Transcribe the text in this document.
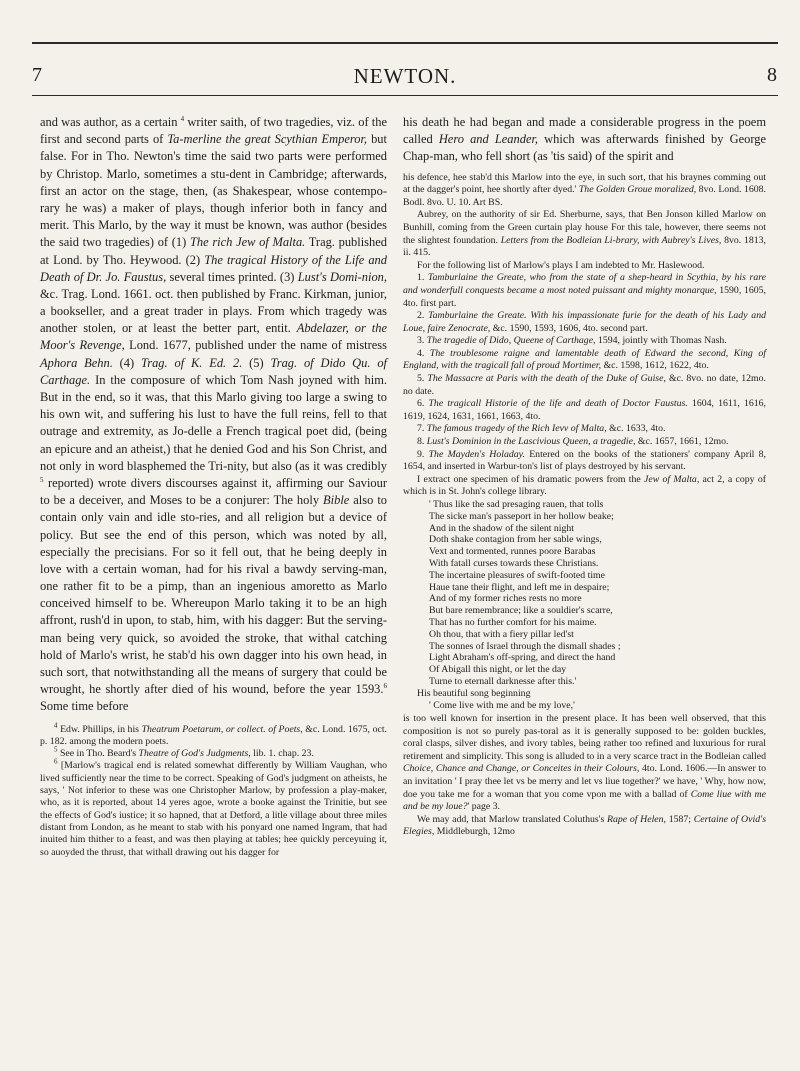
7	NEWTON.	8

and was author, as a certain $^4$ writer saith, of two tragedies, viz. of the first and second parts of Ta-merline the great Scythian Emperor, but false. For in Tho. Newton's time the said two parts were performed by Christop. Marlo, sometimes a stu-dent in Cambridge; afterwards, first an actor on the stage, then, (as Shakespear, whose contempo-rary he was) a maker of plays, though inferior both in fancy and merit. This Marlo, by the way it must be known, was author (besides the said two tragedies) of (1) The rich Jew of Malta. Trag. published at Lond. by Tho. Heywood. (2) The tragical History of the Life and Death of Dr. Jo. Faustus, several times printed. (3) Lust's Domi-nion, &c. Trag. Lond. 1661. oct. then published by Franc. Kirkman, junior, a bookseller, and a great trader in plays. From which tragedy was another stolen, or at least the better part, entit. Abdelazer, or the Moor's Revenge, Lond. 1677, published under the name of mistress Aphora Behn. (4) Trag. of K. Ed. 2. (5) Trag. of Dido Qu. of Carthage. In the composure of which Tom Nash joyned with him. But in the end, so it was, that this Marlo giving too large a swing to his own wit, and suffering his lust to have the full reins, fell to that outrage and extremity, as Jo-delle a French tragical poet did, (being an epicure and an atheist,) that he denied God and his Son Christ, and not only in word blasphemed the Tri-nity, but also (as it was credibly $^5$ reported) wrote divers discourses against it, affirming our Saviour to be a deceiver, and Moses to be a conjurer: The holy Bible also to contain only vain and idle sto-ries, and all religion but a device of policy. But see the end of this person, which was noted by all, especially the precisians. For so it fell out, that he being deeply in love with a certain woman, had for his rival a bawdy serving-man, one rather fit to be a pimp, than an ingenious amoretto as Marlo conceived himself to be. Whereupon Marlo taking it to be an high affront, rush'd in upon, to stab, him, with his dagger: But the serving-man being very quick, so avoided the stroke, that withal catching hold of Marlo's wrist, he stab'd his own dagger into his own head, in such sort, that notwithstanding all the means of surgery that could be wrought, he shortly after died of his wound, before the year 1593.$^6$ Some time before

$^4$ Edw. Phillips, in his Theatrum Poetarum, or collect. of Poets, &c. Lond. 1675, oct. p. 182. among the modern poets.

$^5$ See in Tho. Beard's Theatre of God's Judgments, lib. 1. chap. 23.

$^6$ [Marlow's tragical end is related somewhat differently by William Vaughan, who lived sufficiently near the time to be correct. Speaking of God's judgment on atheists, he says, ' Not inferior to these was one Christopher Marlow, by profession a play-maker, who, as it is reported, about 14 yeres agoe, wrote a booke against the Trinitie, but see the effects of God's iustice; it so hapned, that at Detford, a litle village about three miles distant from London, as he meant to stab with his ponyard one named Ingram, that had inuited him thither to a feast, and was then playing at tables; hee quickly perceyuing it, so auoyded the thrust, that withall drawing out his dagger for

his death he had began and made a considerable progress in the poem called Hero and Leander, which was afterwards finished by George Chap-man, who fell short (as 'tis said) of the spirit and

his defence, hee stab'd this Marlow into the eye, in such sort, that his braynes comming out at the dagger's point, hee shortly after dyed.' The Golden Groue moralized, 8vo. Lond. 1608. Bodl. 8vo. U. 10. Art BS.

Aubrey, on the authority of sir Ed. Sherburne, says, that Ben Jonson killed Marlow on Bunhill, coming from the Green curtain play house For this tale, however, there seems not the slightest foundation. Letters from the Bodleian Li-brary, with Aubrey's Lives, 8vo. 1813, ii. 415.

For the following list of Marlow's plays I am indebted to Mr. Haslewood.

1. Tamburlaine the Greate, who from the state of a shep-heard in Scythia, by his rare and wonderfull conquests became a most noted puissant and mighty monarque, 1590, 1605, 4to. first part.

2. Tamburlaine the Greate. With his impassionate furie for the death of his Lady and Loue, faire Zenocrate, &c. 1590, 1593, 1606, 4to. second part.

3. The tragedie of Dido, Queene of Carthage, 1594, jointly with Thomas Nash.

4. The troublesome raigne and lamentable death of Edward the second, King of England, with the tragicall fall of proud Mortimer, &c. 1598, 1612, 1622, 4to.

5. The Massacre at Paris with the death of the Duke of Guise, &c. 8vo. no date, 12mo. no date.

6. The tragicall Historie of the life and death of Doctor Faustus. 1604, 1611, 1616, 1619, 1624, 1631, 1661, 1663, 4to.

7. The famous tragedy of the Rich Ievv of Malta, &c. 1633, 4to.

8. Lust's Dominion in the Lascivious Queen, a tragedie, &c. 1657, 1661, 12mo.

9. The Mayden's Holaday. Entered on the books of the stationers' company April 8, 1654, and inserted in Warbur-ton's list of plays destroyed by his servant.

I extract one specimen of his dramatic powers from the Jew of Malta, act 2, a copy of which is in St. John's college library.

' Thus like the sad presaging rauen, that tolls
The sicke man's passeport in her hollow beake;
And in the shadow of the silent night
Doth shake contagion from her sable wings,
Vext and tormented, runnes poore Barabas
With fatall curses towards these Christians.
The incertaine pleasures of swift-footed time
Haue tane their flight, and left me in despaire;
And of my former riches rests no more
But bare remembrance; like a souldier's scarre,
That has no further comfort for his maime.
Oh thou, that with a fiery pillar led'st
The sonnes of Israel through the dismall shades ;
Light Abraham's off-spring, and direct the hand
Of Abigall this night, or let the day
Turne to eternall darknesse after this.'

His beautiful song beginning

' Come live with me and be my love,'

is too well known for insertion in the present place. It has been well observed, that this composition is not so purely pas-toral as it is generally supposed to be: golden buckles, coral clasps, silver dishes, and ivory tables, being rather too refined and luxurious for rural retirement and simplicity. This song is alluded to in a very scarce tract in the Bodleian called Choice, Chance and Change, or Conceites in their Colours, 4to. Lond. 1606.—In answer to an invitation ' I pray thee let vs be merry and let vs liue together?' we have, ' Why, how now, doe you take me for a woman that you come vpon me with a ballad of Come liue with me and be my loue?' page 3.

We may add, that Marlow translated Coluthus's Rape of Helen, 1587; Certaine of Ovid's Elegies, Middleburgh, 12mo
